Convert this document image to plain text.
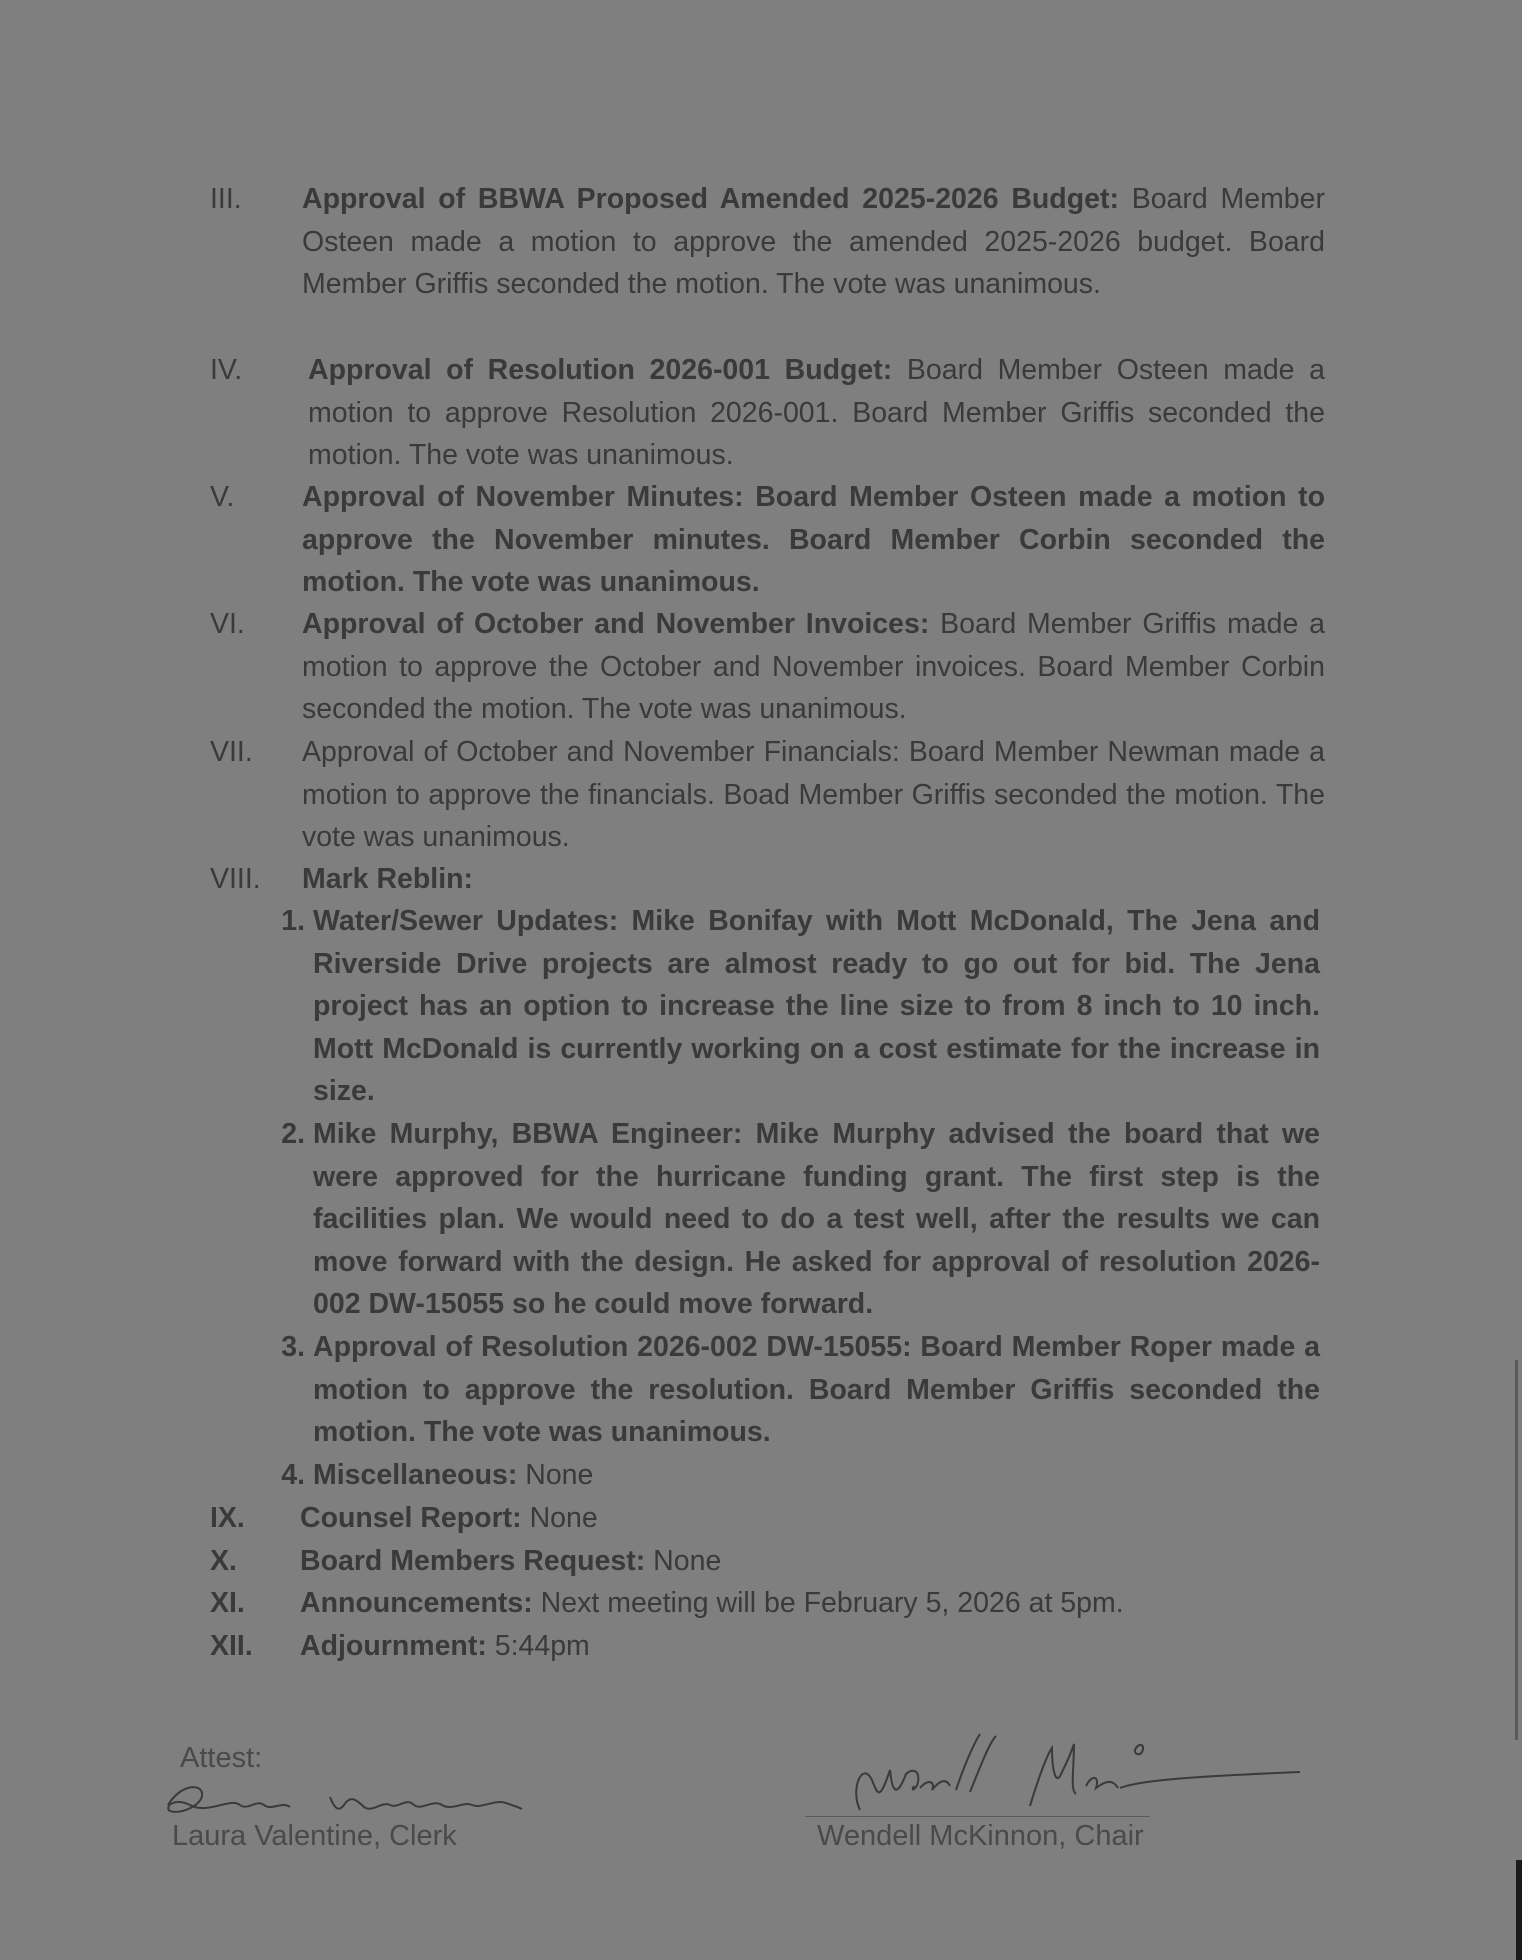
III.	Approval of BBWA Proposed Amended 2025-2026 Budget: Board Member Osteen made a motion to approve the amended 2025-2026 budget. Board Member Griffis seconded the motion. The vote was unanimous.
IV.	Approval of Resolution 2026-001 Budget: Board Member Osteen made a motion to approve Resolution 2026-001. Board Member Griffis seconded the motion. The vote was unanimous.
V.	Approval of November Minutes: Board Member Osteen made a motion to approve the November minutes. Board Member Corbin seconded the motion. The vote was unanimous.
VI.	Approval of October and November Invoices: Board Member Griffis made a motion to approve the October and November invoices. Board Member Corbin seconded the motion. The vote was unanimous.
VII.	Approval of October and November Financials: Board Member Newman made a motion to approve the financials. Boad Member Griffis seconded the motion. The vote was unanimous.
VIII.	Mark Reblin:
1. Water/Sewer Updates: Mike Bonifay with Mott McDonald, The Jena and Riverside Drive projects are almost ready to go out for bid. The Jena project has an option to increase the line size to from 8 inch to 10 inch. Mott McDonald is currently working on a cost estimate for the increase in size.
2. Mike Murphy, BBWA Engineer: Mike Murphy advised the board that we were approved for the hurricane funding grant. The first step is the facilities plan. We would need to do a test well, after the results we can move forward with the design. He asked for approval of resolution 2026-002 DW-15055 so he could move forward.
3. Approval of Resolution 2026-002 DW-15055: Board Member Roper made a motion to approve the resolution. Board Member Griffis seconded the motion. The vote was unanimous.
4. Miscellaneous: None
IX.	Counsel Report: None
X.	Board Members Request: None
XI.	Announcements: Next meeting will be February 5, 2026 at 5pm.
XII.	Adjournment: 5:44pm
Attest:
Laura Valentine, Clerk	Wendell McKinnon, Chair
